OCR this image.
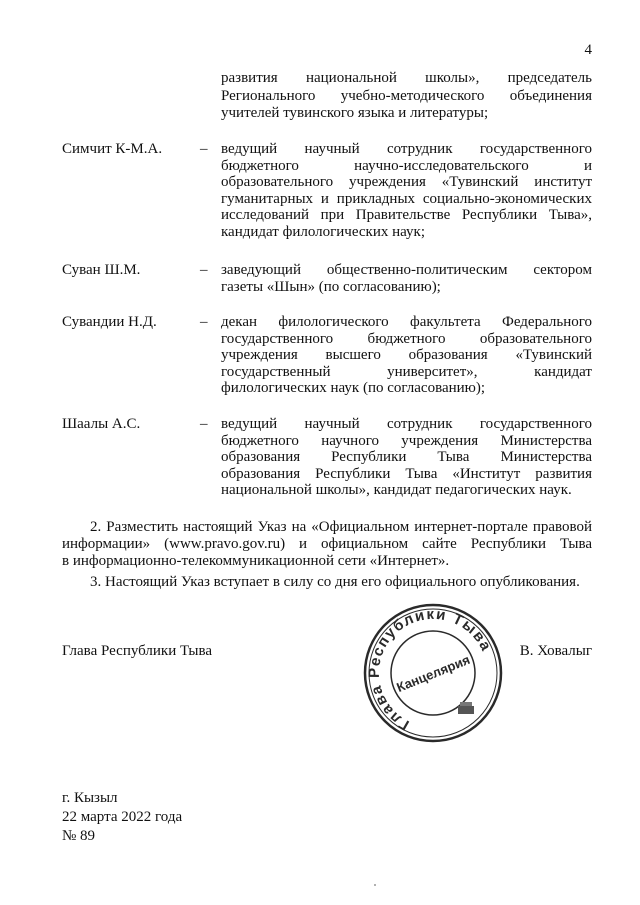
4
развития национальной школы», председатель
Регионального учебно-методического объединения
учителей тувинского языка и литературы;
Симчит К-М.А.	– ведущий научный сотрудник государственного
бюджетного научно-исследовательского и
образовательного учреждения «Тувинский институт
гуманитарных и прикладных социально-экономических
исследований при Правительстве Республики Тыва»,
кандидат филологических наук;
Суван Ш.М.	– заведующий общественно-политическим сектором
газеты «Шын» (по согласованию);
Сувандии Н.Д.	– декан филологического факультета Федерального
государственного бюджетного образовательного
учреждения высшего образования «Тувинский
государственный университет», кандидат
филологических наук (по согласованию);
Шаалы А.С.	– ведущий научный сотрудник государственного
бюджетного научного учреждения Министерства
образования Республики Тыва Министерства
образования Республики Тыва «Институт развития
национальной школы», кандидат педагогических наук.
2. Разместить настоящий Указ на «Официальном интернет-портале правовой
информации» (www.pravo.gov.ru) и официальном сайте Республики Тыва
в информационно-телекоммуникационной сети «Интернет».
3. Настоящий Указ вступает в силу со дня его официального опубликования.
Глава Республики Тыва	В. Ховалыг
Глава Республики Тыва
Канцелярия
г. Кызыл
22 марта 2022 года
№ 89
